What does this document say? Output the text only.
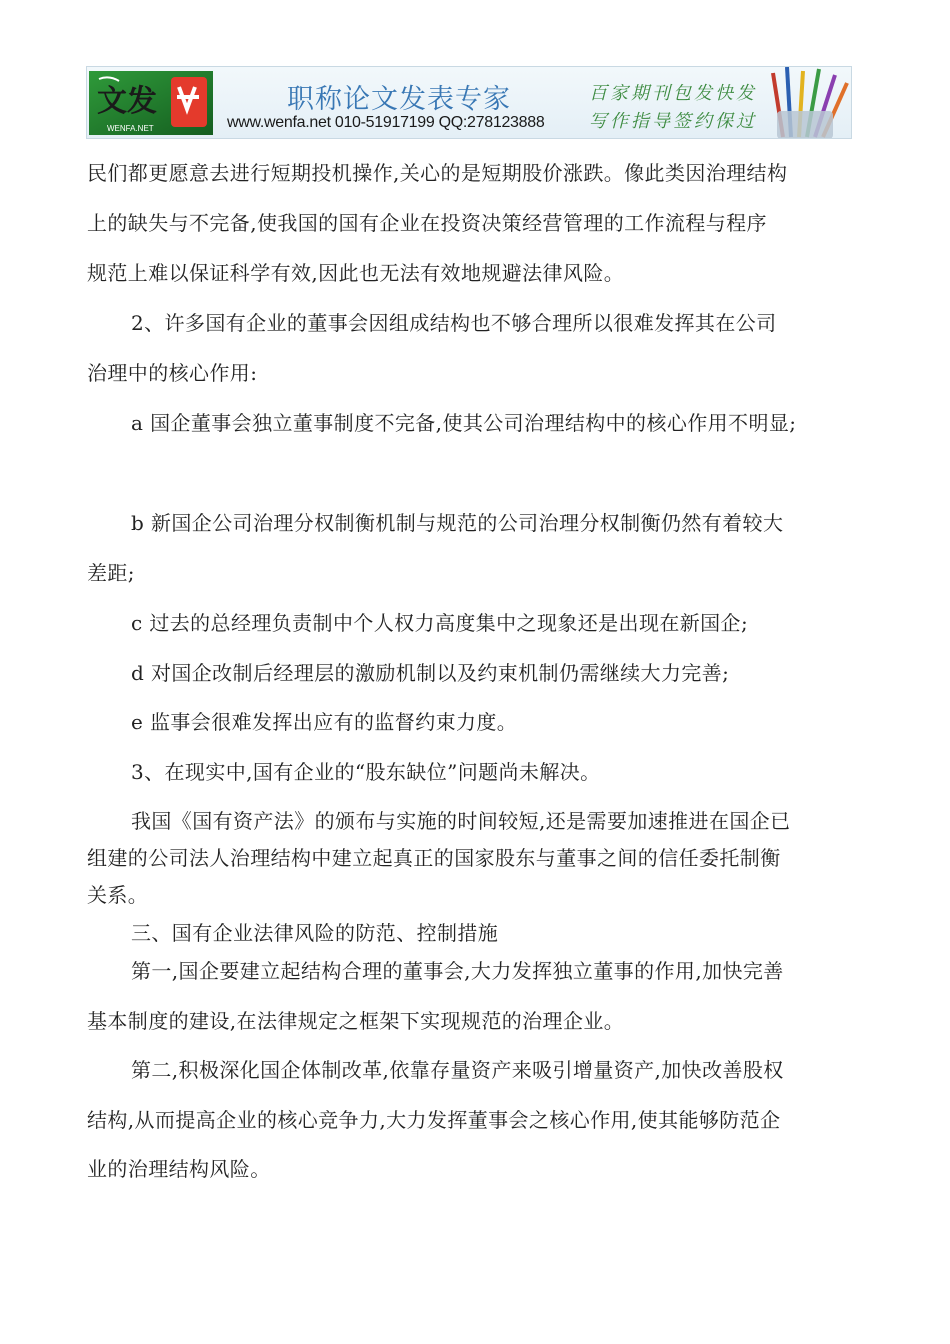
文发
WENFA.NET
职称论文发表专家
www.wenfa.net 010-51917199 QQ:278123888
百家期刊包发快发
写作指导签约保过
民们都更愿意去进行短期投机操作,关心的是短期股价涨跌。像此类因治理结构
上的缺失与不完备,使我国的国有企业在投资决策经营管理的工作流程与程序
规范上难以保证科学有效,因此也无法有效地规避法律风险。
2、许多国有企业的董事会因组成结构也不够合理所以很难发挥其在公司
治理中的核心作用:
a 国企董事会独立董事制度不完备,使其公司治理结构中的核心作用不明显;
b 新国企公司治理分权制衡机制与规范的公司治理分权制衡仍然有着较大
差距;
c 过去的总经理负责制中个人权力高度集中之现象还是出现在新国企;
d 对国企改制后经理层的激励机制以及约束机制仍需继续大力完善;
e 监事会很难发挥出应有的监督约束力度。
3、在现实中,国有企业的“股东缺位”问题尚未解决。
我国《国有资产法》的颁布与实施的时间较短,还是需要加速推进在国企已
组建的公司法人治理结构中建立起真正的国家股东与董事之间的信任委托制衡
关系。
三、国有企业法律风险的防范、控制措施
第一,国企要建立起结构合理的董事会,大力发挥独立董事的作用,加快完善
基本制度的建设,在法律规定之框架下实现规范的治理企业。
第二,积极深化国企体制改革,依靠存量资产来吸引增量资产,加快改善股权
结构,从而提高企业的核心竞争力,大力发挥董事会之核心作用,使其能够防范企
业的治理结构风险。
